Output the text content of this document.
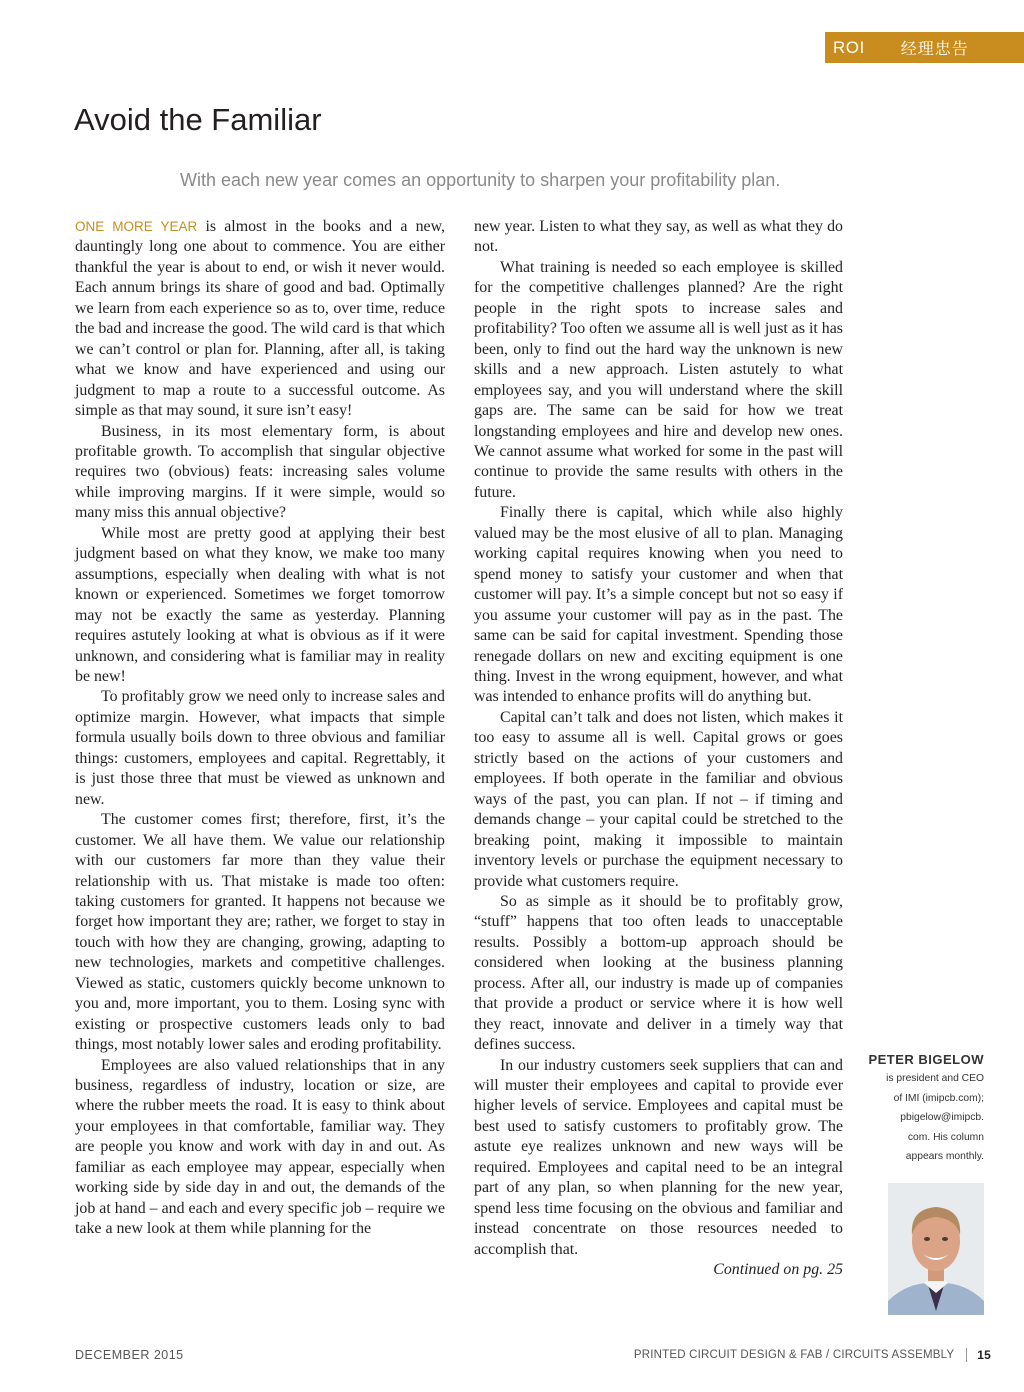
ROI 经理忠告
Avoid the Familiar

With each new year comes an opportunity to sharpen your profitability plan.

ONE MORE YEAR is almost in the books and a new, dauntingly long one about to commence. You are either thankful the year is about to end, or wish it never would. Each annum brings its share of good and bad. Optimally we learn from each experience so as to, over time, reduce the bad and increase the good. The wild card is that which we can’t control or plan for. Planning, after all, is taking what we know and have experienced and using our judgment to map a route to a successful outcome. As simple as that may sound, it sure isn’t easy!

Business, in its most elementary form, is about profitable growth. To accomplish that singular objective requires two (obvious) feats: increasing sales volume while improving margins. If it were simple, would so many miss this annual objective?

While most are pretty good at applying their best judgment based on what they know, we make too many assumptions, especially when dealing with what is not known or experienced. Sometimes we forget tomorrow may not be exactly the same as yesterday. Planning requires astutely looking at what is obvious as if it were unknown, and considering what is familiar may in reality be new!

To profitably grow we need only to increase sales and optimize margin. However, what impacts that simple formula usually boils down to three obvious and familiar things: customers, employees and capital. Regrettably, it is just those three that must be viewed as unknown and new.

The customer comes first; therefore, first, it’s the customer. We all have them. We value our relationship with our customers far more than they value their relationship with us. That mistake is made too often: taking customers for granted. It happens not because we forget how important they are; rather, we forget to stay in touch with how they are changing, growing, adapting to new technologies, markets and competitive challenges. Viewed as static, customers quickly become unknown to you and, more important, you to them. Losing sync with existing or prospective customers leads only to bad things, most notably lower sales and eroding profitability.

Employees are also valued relationships that in any business, regardless of industry, location or size, are where the rubber meets the road. It is easy to think about your employees in that comfortable, familiar way. They are people you know and work with day in and out. As familiar as each employee may appear, especially when working side by side day in and out, the demands of the job at hand – and each and every specific job – require we take a new look at them while planning for the

new year. Listen to what they say, as well as what they do not.

What training is needed so each employee is skilled for the competitive challenges planned? Are the right people in the right spots to increase sales and profitability? Too often we assume all is well just as it has been, only to find out the hard way the unknown is new skills and a new approach. Listen astutely to what employees say, and you will understand where the skill gaps are. The same can be said for how we treat longstanding employees and hire and develop new ones. We cannot assume what worked for some in the past will continue to provide the same results with others in the future.

Finally there is capital, which while also highly valued may be the most elusive of all to plan. Managing working capital requires knowing when you need to spend money to satisfy your customer and when that customer will pay. It’s a simple concept but not so easy if you assume your customer will pay as in the past. The same can be said for capital investment. Spending those renegade dollars on new and exciting equipment is one thing. Invest in the wrong equipment, however, and what was intended to enhance profits will do anything but.

Capital can’t talk and does not listen, which makes it too easy to assume all is well. Capital grows or goes strictly based on the actions of your customers and employees. If both operate in the familiar and obvious ways of the past, you can plan. If not – if timing and demands change – your capital could be stretched to the breaking point, making it impossible to maintain inventory levels or purchase the equipment necessary to provide what customers require.

So as simple as it should be to profitably grow, “stuff” happens that too often leads to unacceptable results. Possibly a bottom-up approach should be considered when looking at the business planning process. After all, our industry is made up of companies that provide a product or service where it is how well they react, innovate and deliver in a timely way that defines success.

In our industry customers seek suppliers that can and will muster their employees and capital to provide ever higher levels of service. Employees and capital must be best used to satisfy customers to profitably grow. The astute eye realizes unknown and new ways will be required. Employees and capital need to be an integral part of any plan, so when planning for the new year, spend less time focusing on the obvious and familiar and instead concentrate on those resources needed to accomplish that.

Continued on pg. 25

PETER BIGELOW
is president and CEO
of IMI (imipcb.com);
pbigelow@imipcb.
com. His column
appears monthly.
DECEMBER 2015	PRINTED CIRCUIT DESIGN & FAB / CIRCUITS ASSEMBLY 15
